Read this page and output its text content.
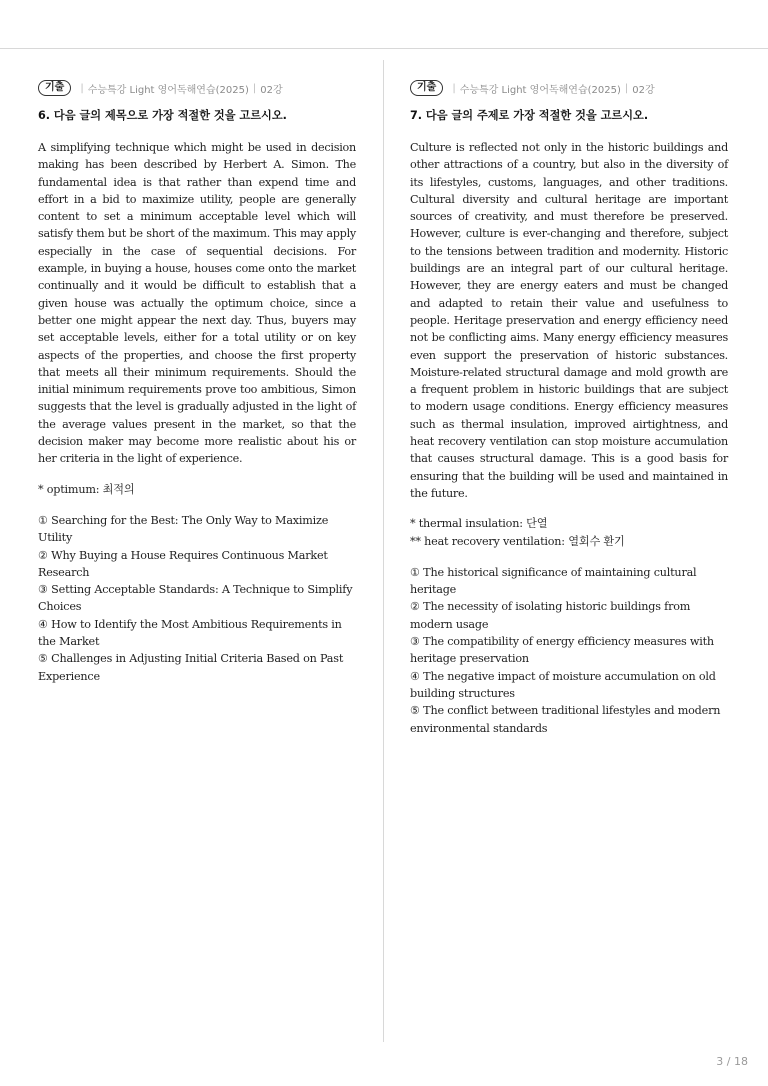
기출	| 수능특강 Light 영어독해연습(2025) | 02강
6. 다음 글의 제목으로 가장 적절한 것을 고르시오.
A simplifying technique which might be used in decision making has been described by Herbert A. Simon. The fundamental idea is that rather than expend time and effort in a bid to maximize utility, people are generally content to set a minimum acceptable level which will satisfy them but be short of the maximum. This may apply especially in the case of sequential decisions. For example, in buying a house, houses come onto the market continually and it would be difficult to establish that a given house was actually the optimum choice, since a better one might appear the next day. Thus, buyers may set acceptable levels, either for a total utility or on key aspects of the properties, and choose the first property that meets all their minimum requirements. Should the initial minimum requirements prove too ambitious, Simon suggests that the level is gradually adjusted in the light of the average values present in the market, so that the decision maker may become more realistic about his or her criteria in the light of experience.
* optimum: 최적의
① Searching for the Best: The Only Way to Maximize Utility
② Why Buying a House Requires Continuous Market Research
③ Setting Acceptable Standards: A Technique to Simplify Choices
④ How to Identify the Most Ambitious Requirements in the Market
⑤ Challenges in Adjusting Initial Criteria Based on Past Experience
기출	| 수능특강 Light 영어독해연습(2025) | 02강
7. 다음 글의 주제로 가장 적절한 것을 고르시오.
Culture is reflected not only in the historic buildings and other attractions of a country, but also in the diversity of its lifestyles, customs, languages, and other traditions. Cultural diversity and cultural heritage are important sources of creativity, and must therefore be preserved. However, culture is ever-changing and therefore, subject to the tensions between tradition and modernity. Historic buildings are an integral part of our cultural heritage. However, they are energy eaters and must be changed and adapted to retain their value and usefulness to people. Heritage preservation and energy efficiency need not be conflicting aims. Many energy efficiency measures even support the preservation of historic substances. Moisture-related structural damage and mold growth are a frequent problem in historic buildings that are subject to modern usage conditions. Energy efficiency measures such as thermal insulation, improved airtightness, and heat recovery ventilation can stop moisture accumulation that causes structural damage. This is a good basis for ensuring that the building will be used and maintained in the future.
* thermal insulation: 단열
** heat recovery ventilation: 열회수 환기
① The historical significance of maintaining cultural heritage
② The necessity of isolating historic buildings from modern usage
③ The compatibility of energy efficiency measures with heritage preservation
④ The negative impact of moisture accumulation on old building structures
⑤ The conflict between traditional lifestyles and modern environmental standards
3 / 18
